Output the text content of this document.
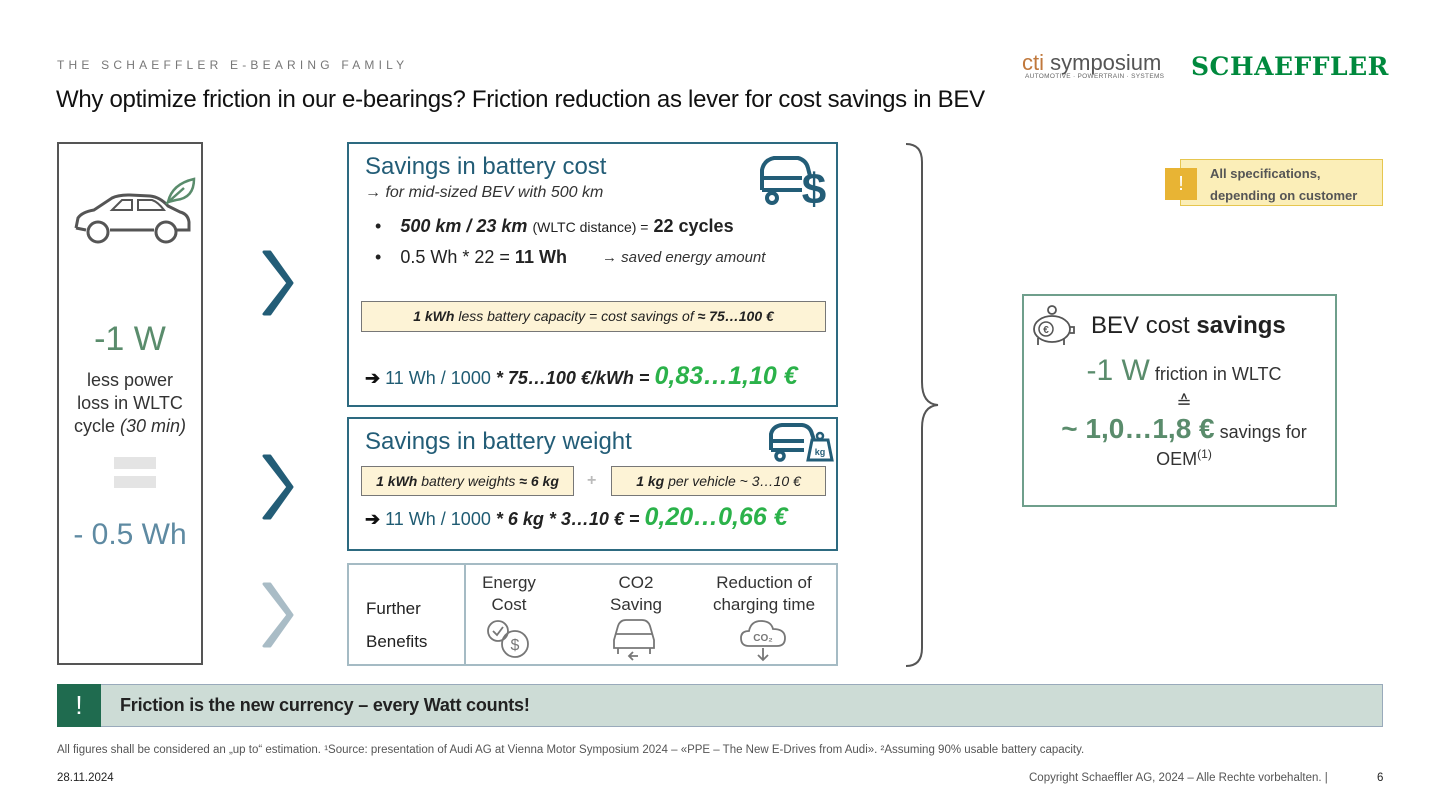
THE SCHAEFFLER E-BEARING FAMILY
Why optimize friction in our e-bearings? Friction reduction as lever for cost savings in BEV
cti symposium
AUTOMOTIVE · POWERTRAIN · SYSTEMS SCHAEFFLER
-1 W
less power
loss in WLTC
cycle (30 min)
- 0.5 Wh
Savings in battery cost
→ for mid-sized BEV with 500 km	$
• 500 km / 23 km (WLTC distance) = 22 cycles
• 0.5 Wh * 22 = 11 Wh → saved energy amount
1 kWh less battery capacity = cost savings of ≈ 75…100 €
➔ 11 Wh / 1000 * 75…100 €/kWh = 0,83…1,10 €
Savings in battery weight	kg
1 kWh battery weights ≈ 6 kg	+	1 kg per vehicle ~ 3…10 €
➔ 11 Wh / 1000 * 6 kg * 3…10 € = 0,20…0,66 €
Further
Benefits
Energy
Cost
CO2
Saving
Reduction of
charging time
$	CO₂
All specifications,
depending on customer
!
€ BEV cost savings
-1 W friction in WLTC
≙
~ 1,0…1,8 € savings for
OEM$^{(1)}$
!	Friction is the new currency – every Watt counts!
All figures shall be considered an „up to“ estimation. ¹Source: presentation of Audi AG at Vienna Motor Symposium 2024 – «PPE – The New E-Drives from Audi». ²Assuming 90% usable battery capacity.
28.11.2024	Copyright Schaeffler AG, 2024 – Alle Rechte vorbehalten. |	6
